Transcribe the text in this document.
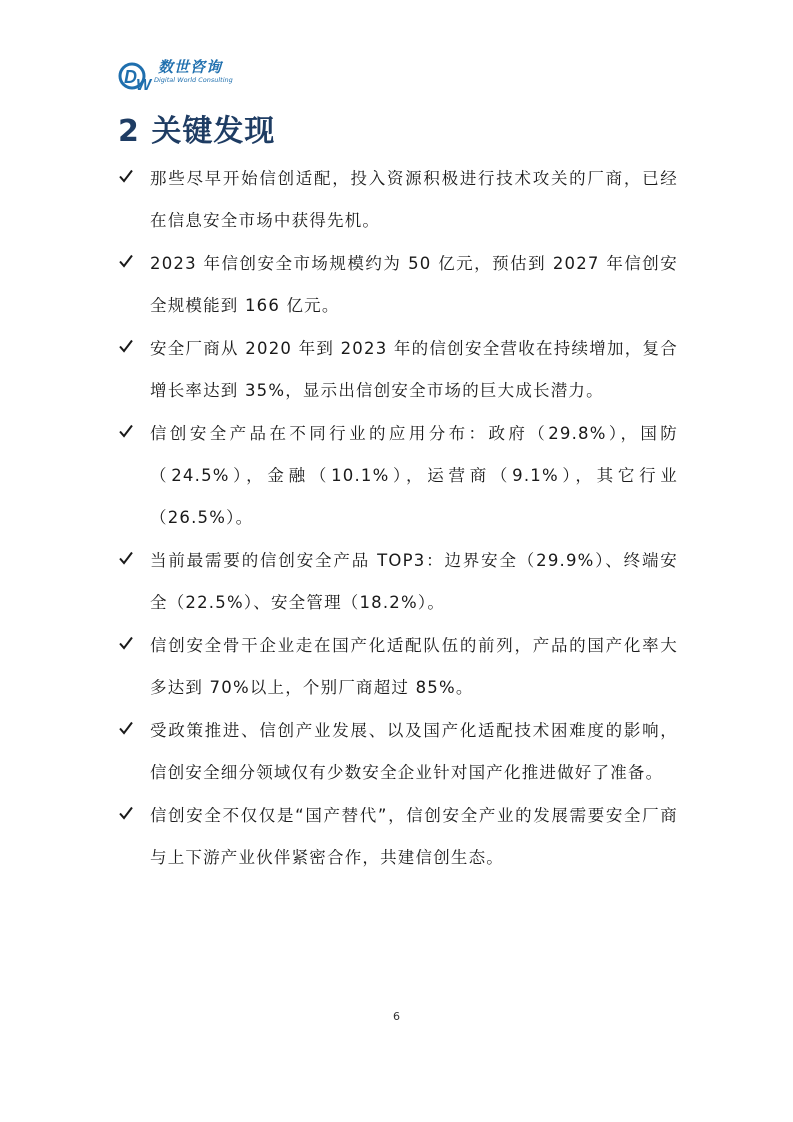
D W
数世咨询
Digital World Consulting
2 关键发现
那些尽早开始信创适配，投入资源积极进行技术攻关的厂商，已经在信息安全市场中获得先机。
2023 年信创安全市场规模约为 50 亿元，预估到 2027 年信创安全规模能到 166 亿元。
安全厂商从 2020 年到 2023 年的信创安全营收在持续增加，复合增长率达到 35%，显示出信创安全市场的巨大成长潜力。
信创安全产品在不同行业的应用分布：政府（29.8%），国防（24.5%），金融（10.1%），运营商（9.1%），其它行业（26.5%）。
当前最需要的信创安全产品 TOP3：边界安全（29.9%）、终端安全（22.5%）、安全管理（18.2%）。
信创安全骨干企业走在国产化适配队伍的前列，产品的国产化率大多达到 70%以上，个别厂商超过 85%。
受政策推进、信创产业发展、以及国产化适配技术困难度的影响，信创安全细分领域仅有少数安全企业针对国产化推进做好了准备。
信创安全不仅仅是“国产替代”，信创安全产业的发展需要安全厂商与上下游产业伙伴紧密合作，共建信创生态。
6
